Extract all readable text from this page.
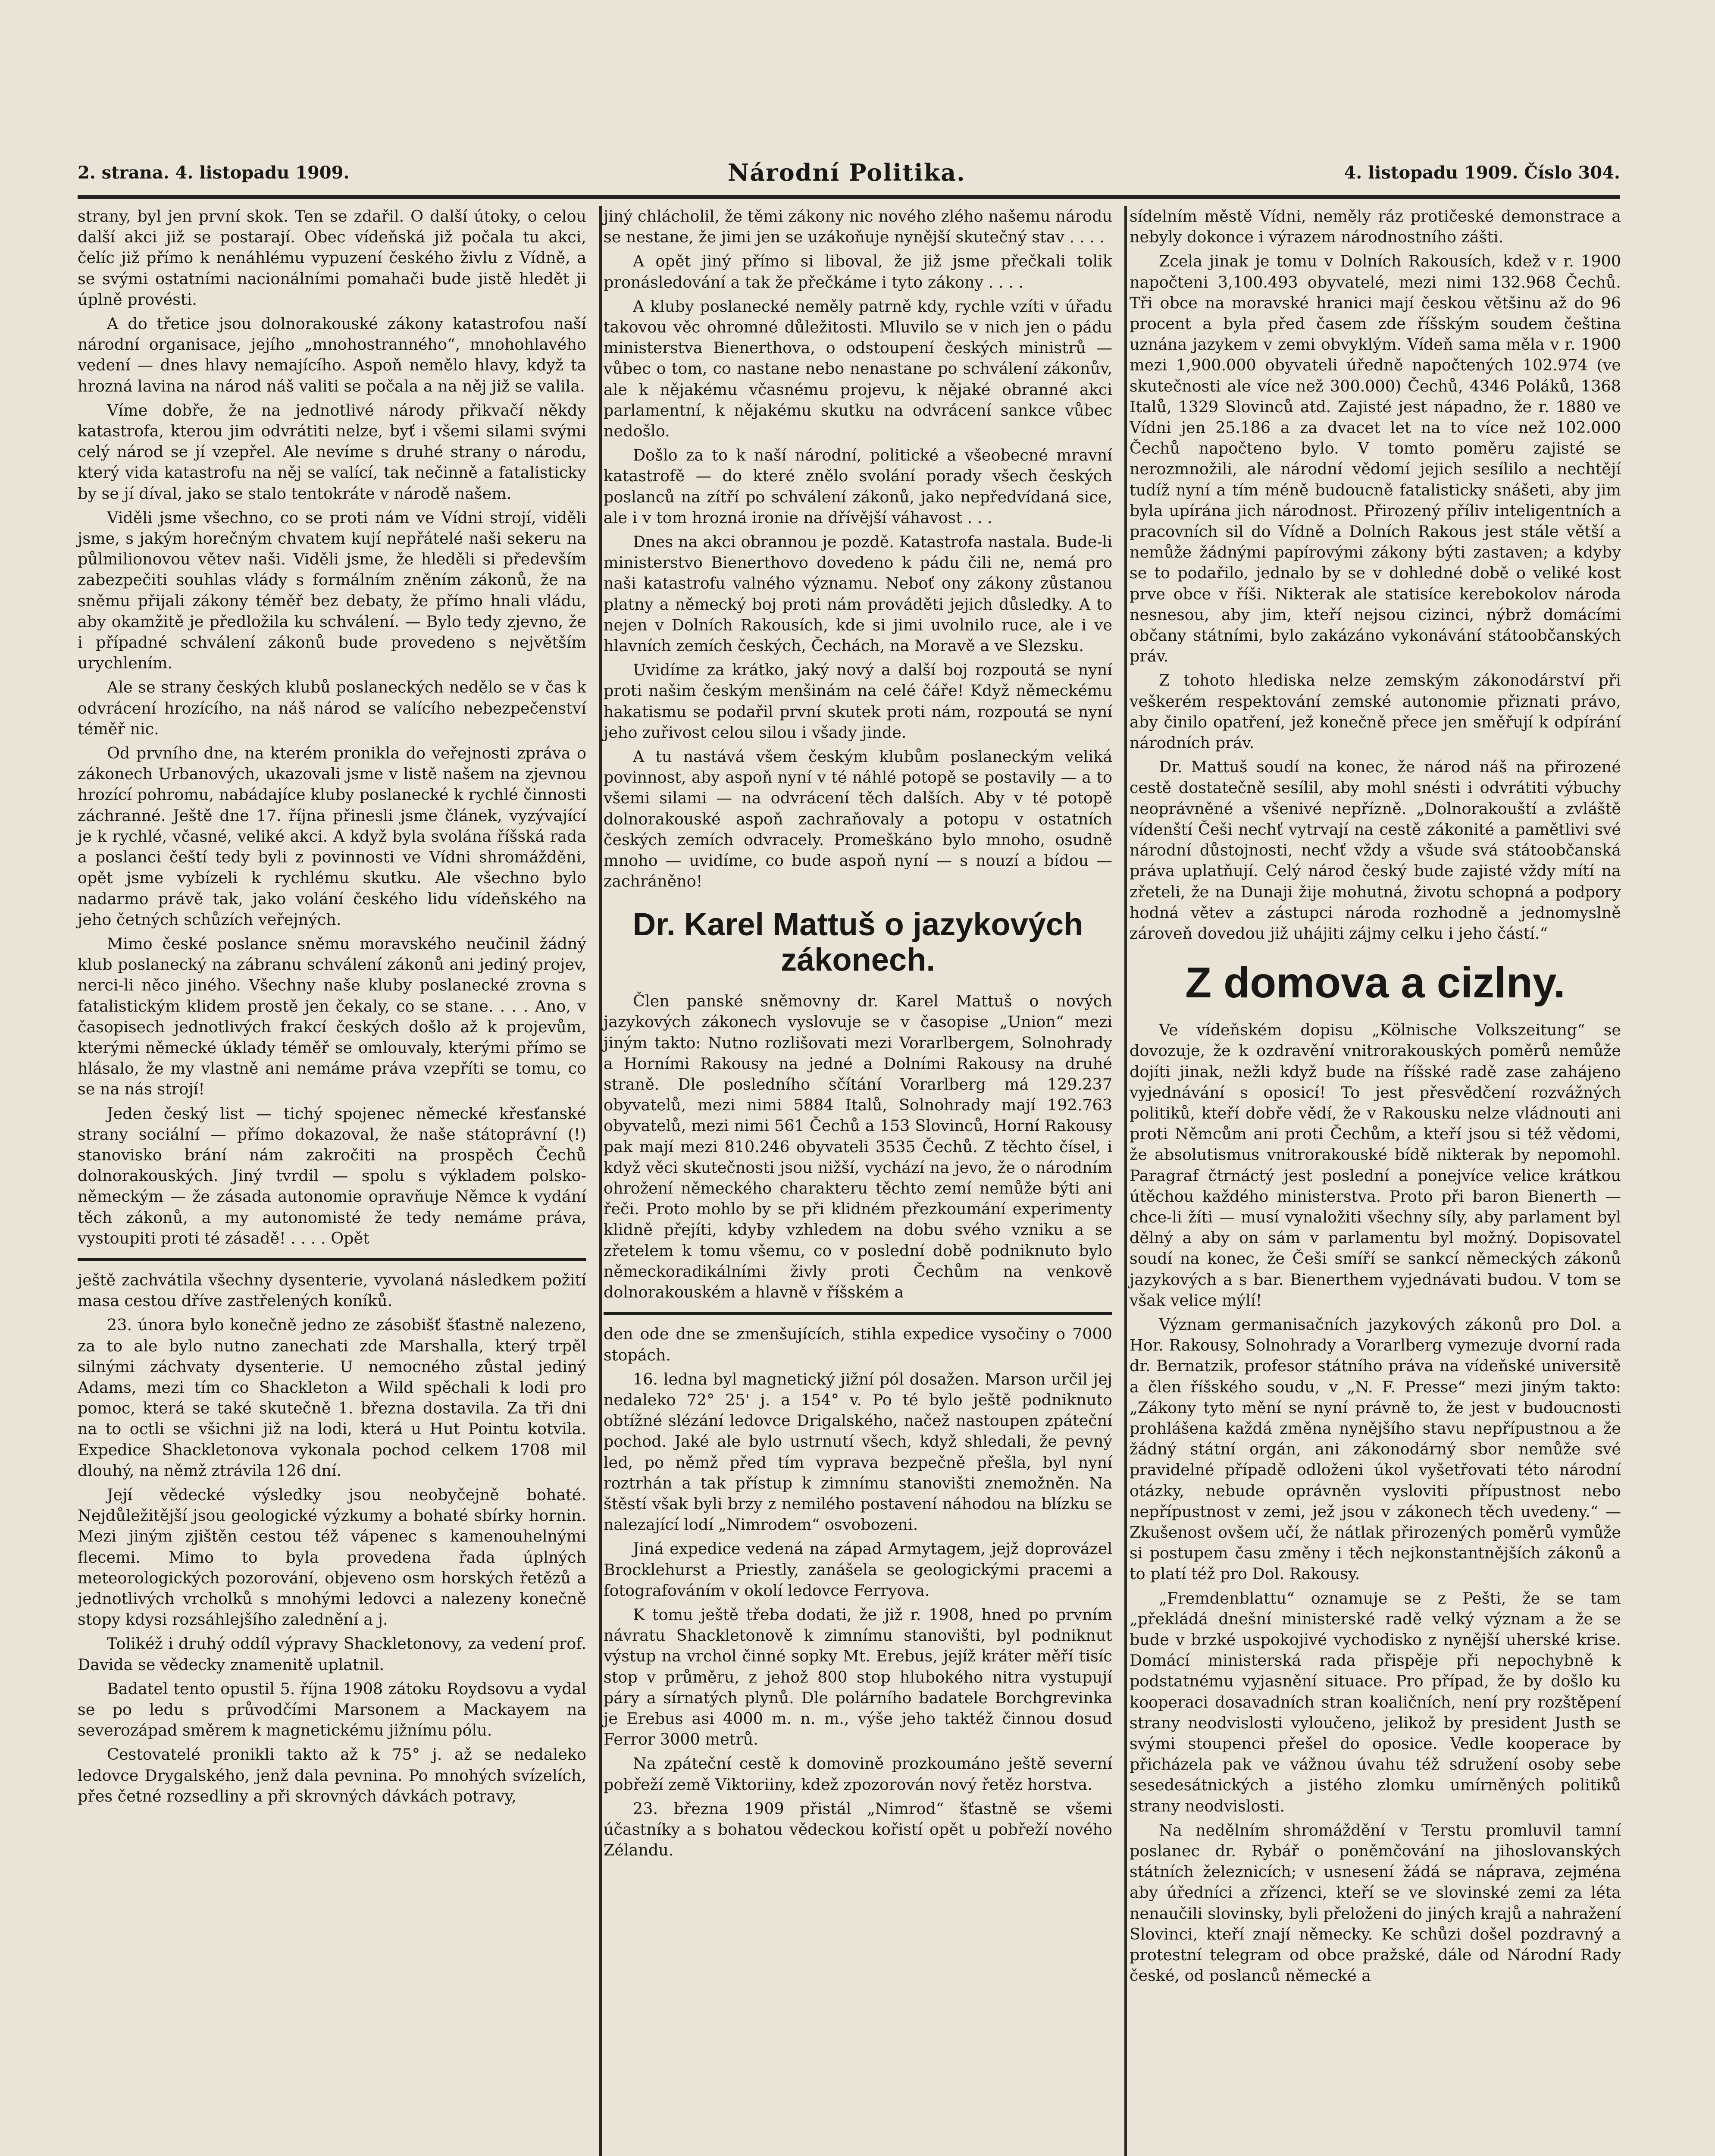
2. strana. 4. listopadu 1909.	Národní Politika.	4. listopadu 1909. Číslo 304.

strany, byl jen první skok. Ten se zdařil. O další útoky, o celou další akci již se postarají. Obec vídeňská již počala tu akci, čelíc již přímo k nenáhlému vypuzení českého živlu z Vídně, a se svými ostatními nacionálními pomahači bude jistě hledět ji úplně provésti.

A do třetice jsou dolnorakouské zákony katastrofou naší národní organisace, jejího „mnohostranného“, mnohohlavého vedení — dnes hlavy nemajícího. Aspoň nemělo hlavy, když ta hrozná lavina na národ náš valiti se počala a na něj již se valila.

Víme dobře, že na jednotlivé národy přikvačí někdy katastrofa, kterou jim odvrátiti nelze, byť i všemi silami svými celý národ se jí vzepřel. Ale nevíme s druhé strany o národu, který vida katastrofu na něj se valící, tak nečinně a fatalisticky by se jí díval, jako se stalo tentokráte v národě našem.

Viděli jsme všechno, co se proti nám ve Vídni strojí, viděli jsme, s jakým horečným chvatem kují nepřátelé naši sekeru na půlmilionovou větev naši. Viděli jsme, že hleděli si především zabezpečiti souhlas vlády s formálním zněním zákonů, že na sněmu přijali zákony téměř bez debaty, že přímo hnali vládu, aby okamžitě je předložila ku schválení. — Bylo tedy zjevno, že i případné schválení zákonů bude provedeno s největším urychlením.

Ale se strany českých klubů poslaneckých nedělo se v čas k odvrácení hrozícího, na náš národ se valícího nebezpečenství téměř nic.

Od prvního dne, na kterém pronikla do veřejnosti zpráva o zákonech Urbanových, ukazovali jsme v listě našem na zjevnou hrozící pohromu, nabádajíce kluby poslanecké k rychlé činnosti záchranné. Ještě dne 17. října přinesli jsme článek, vyzývající je k rychlé, včasné, veliké akci. A když byla svolána říšská rada a poslanci čeští tedy byli z povinnosti ve Vídni shromážděni, opět jsme vybízeli k rychlému skutku. Ale všechno bylo nadarmo právě tak, jako volání českého lidu vídeňského na jeho četných schůzích veřejných.

Mimo české poslance sněmu moravského neučinil žádný klub poslanecký na zábranu schválení zákonů ani jediný projev, nerci-li něco jiného. Všechny naše kluby poslanecké zrovna s fatalistickým klidem prostě jen čekaly, co se stane. . . . Ano, v časopisech jednotlivých frakcí českých došlo až k projevům, kterými německé úklady téměř se omlouvaly, kterými přímo se hlásalo, že my vlastně ani nemáme práva vzepříti se tomu, co se na nás strojí!

Jeden český list — tichý spojenec německé křesťanské strany sociální — přímo dokazoval, že naše státoprávní (!) stanovisko brání nám zakročiti na prospěch Čechů dolnorakouských. Jiný tvrdil — spolu s výkladem polsko-německým — že zásada autonomie opravňuje Němce k vydání těch zákonů, a my autonomisté že tedy nemáme práva, vystoupiti proti té zásadě! . . . . Opět

ještě zachvátila všechny dysenterie, vyvolaná následkem požití masa cestou dříve zastřelených koníků.

23. února bylo konečně jedno ze zásobišť šťastně nalezeno, za to ale bylo nutno zanechati zde Marshalla, který trpěl silnými záchvaty dysenterie. U nemocného zůstal jediný Adams, mezi tím co Shackleton a Wild spěchali k lodi pro pomoc, která se také skutečně 1. března dostavila. Za tři dni na to octli se všichni již na lodi, která u Hut Pointu kotvila. Expedice Shackletonova vykonala pochod celkem 1708 mil dlouhý, na němž ztrávila 126 dní.

Její vědecké výsledky jsou neobyčejně bohaté. Nejdůležitější jsou geologické výzkumy a bohaté sbírky hornin. Mezi jiným zjištěn cestou též vápenec s kamenouhelnými flecemi. Mimo to byla provedena řada úplných meteorologických pozorování, objeveno osm horských řetězů a jednotlivých vrcholků s mnohými ledovci a nalezeny konečně stopy kdysi rozsáhlejšího zalednění a j.

Tolikéž i druhý oddíl výpravy Shackletonovy, za vedení prof. Davida se vědecky znamenitě uplatnil.

Badatel tento opustil 5. října 1908 zátoku Roydsovu a vydal se po ledu s průvodčími Marsonem a Mackayem na severozápad směrem k magnetickému jižnímu pólu.

Cestovatelé pronikli takto až k 75° j. až se nedaleko ledovce Drygalského, jenž dala pevnina. Po mnohých svízelích, přes četné rozsedliny a při skrovných dávkách potravy,

jiný chlácholil, že těmi zákony nic nového zlého našemu národu se nestane, že jimi jen se uzákoňuje nynější skutečný stav . . . .

A opět jiný přímo si liboval, že již jsme přečkali tolik pronásledování a tak že přečkáme i tyto zákony . . . .

A kluby poslanecké neměly patrně kdy, rychle vzíti v úřadu takovou věc ohromné důležitosti. Mluvilo se v nich jen o pádu ministerstva Bienerthova, o odstoupení českých ministrů — vůbec o tom, co nastane nebo nenastane po schválení zákonův, ale k nějakému včasnému projevu, k nějaké obranné akci parlamentní, k nějakému skutku na odvrácení sankce vůbec nedošlo.

Došlo za to k naší národní, politické a všeobecné mravní katastrofě — do které znělo svolání porady všech českých poslanců na zítří po schválení zákonů, jako nepředvídaná sice, ale i v tom hrozná ironie na dřívější váhavost . . .

Dnes na akci obrannou je pozdě. Katastrofa nastala. Bude-li ministerstvo Bienerthovo dovedeno k pádu čili ne, nemá pro naši katastrofu valného významu. Neboť ony zákony zůstanou platny a německý boj proti nám prováděti jejich důsledky. A to nejen v Dolních Rakousích, kde si jimi uvolnilo ruce, ale i ve hlavních zemích českých, Čechách, na Moravě a ve Slezsku.

Uvidíme za krátko, jaký nový a další boj rozpoutá se nyní proti našim českým menšinám na celé čáře! Když německému hakatismu se podařil první skutek proti nám, rozpoutá se nyní jeho zuřivost celou silou i všady jinde.

A tu nastává všem českým klubům poslaneckým veliká povinnost, aby aspoň nyní v té náhlé potopě se postavily — a to všemi silami — na odvrácení těch dalších. Aby v té potopě dolnorakouské aspoň zachraňovaly a potopu v ostatních českých zemích odvracely. Promeškáno bylo mnoho, osudně mnoho — uvidíme, co bude aspoň nyní — s nouzí a bídou — zachráněno!

Dr. Karel Mattuš o jazykových zákonech.

Člen panské sněmovny dr. Karel Mattuš o nových jazykových zákonech vyslovuje se v časopise „Union“ mezi jiným takto: Nutno rozlišovati mezi Vorarlbergem, Solnohrady a Horními Rakousy na jedné a Dolními Rakousy na druhé straně. Dle posledního sčítání Vorarlberg má 129.237 obyvatelů, mezi nimi 5884 Italů, Solnohrady mají 192.763 obyvatelů, mezi nimi 561 Čechů a 153 Slovinců, Horní Rakousy pak mají mezi 810.246 obyvateli 3535 Čechů. Z těchto čísel, i když věci skutečnosti jsou nižší, vychází na jevo, že o národním ohrožení německého charakteru těchto zemí nemůže býti ani řeči. Proto mohlo by se při klidném přezkoumání experimenty klidně přejíti, kdyby vzhledem na dobu svého vzniku a se zřetelem k tomu všemu, co v poslední době podniknuto bylo německoradikálními živly proti Čechům na venkově dolnorakouském a hlavně v říšském a

den ode dne se zmenšujících, stihla expedice vysočiny o 7000 stopách.

16. ledna byl magnetický jižní pól dosažen. Marson určil jej nedaleko 72° 25' j. a 154° v. Po té bylo ještě podniknuto obtížné slézání ledovce Drigalského, načež nastoupen zpáteční pochod. Jaké ale bylo ustrnutí všech, když shledali, že pevný led, po němž před tím vyprava bezpečně přešla, byl nyní roztrhán a tak přístup k zimnímu stanovišti znemožněn. Na štěstí však byli brzy z nemilého postavení náhodou na blízku se nalezající lodí „Nimrodem“ osvobozeni.

Jiná expedice vedená na západ Armytagem, jejž doprovázel Brocklehurst a Priestly, zanášela se geologickými pracemi a fotografováním v okolí ledovce Ferryova.

K tomu ještě třeba dodati, že již r. 1908, hned po prvním návratu Shackletonově k zimnímu stanovišti, byl podniknut výstup na vrchol činné sopky Mt. Erebus, jejíž kráter měří tisíc stop v průměru, z jehož 800 stop hlubokého nitra vystupují páry a sírnatých plynů. Dle polárního badatele Borchgrevinka je Erebus asi 4000 m. n. m., výše jeho taktéž činnou dosud Ferror 3000 metrů.

Na zpáteční cestě k domovině prozkoumáno ještě severní pobřeží země Viktoriiny, kdež zpozorován nový řetěz horstva.

23. března 1909 přistál „Nimrod“ šťastně se všemi účastníky a s bohatou vědeckou kořistí opět u pobřeží nového Zélandu.

sídelním městě Vídni, neměly ráz protičeské demonstrace a nebyly dokonce i výrazem národnostního zášti.

Zcela jinak je tomu v Dolních Rakousích, kdež v r. 1900 napočteni 3,100.493 obyvatelé, mezi nimi 132.968 Čechů. Tři obce na moravské hranici mají českou většinu až do 96 procent a byla před časem zde říšským soudem čeština uznána jazykem v zemi obvyklým. Vídeň sama měla v r. 1900 mezi 1,900.000 obyvateli úředně napočtených 102.974 (ve skutečnosti ale více než 300.000) Čechů, 4346 Poláků, 1368 Italů, 1329 Slovinců atd. Zajisté jest nápadno, že r. 1880 ve Vídni jen 25.186 a za dvacet let na to více než 102.000 Čechů napočteno bylo. V tomto poměru zajisté se nerozmnožili, ale národní vědomí jejich sesílilo a nechtějí tudíž nyní a tím méně budoucně fatalisticky snášeti, aby jim byla upírána jich národnost. Přirozený příliv inteligentních a pracovních sil do Vídně a Dolních Rakous jest stále větší a nemůže žádnými papírovými zákony býti zastaven; a kdyby se to podařilo, jednalo by se v dohledné době o veliké kost prve obce v říši. Nikterak ale statisíce kerebokolov národa nesnesou, aby jim, kteří nejsou cizinci, nýbrž domácími občany státními, bylo zakázáno vykonávání státoobčanských práv.

Z tohoto hlediska nelze zemským zákonodárství při veškerém respektování zemské autonomie přiznati právo, aby činilo opatření, jež konečně přece jen směřují k odpírání národních práv.

Dr. Mattuš soudí na konec, že národ náš na přirozené cestě dostatečně sesílil, aby mohl snésti i odvrátiti výbuchy neoprávněné a všenivé nepřízně. „Dolnorakouští a zvláště vídenští Češi nechť vytrvají na cestě zákonité a pamětlivi své národní důstojnosti, nechť vždy a všude svá státoobčanská práva uplatňují. Celý národ český bude zajisté vždy mítí na zřeteli, že na Dunaji žije mohutná, životu schopná a podpory hodná větev a zástupci národa rozhodně a jednomyslně zároveň dovedou již uhájiti zájmy celku i jeho částí.“

Z domova a cizlny.

Ve vídeňském dopisu „Kölnische Volkszeitung“ se dovozuje, že k ozdravění vnitrorakouských poměrů nemůže dojíti jinak, nežli když bude na říšské radě zase zahájeno vyjednávání s oposicí! To jest přesvědčení rozvážných politiků, kteří dobře vědí, že v Rakousku nelze vládnouti ani proti Němcům ani proti Čechům, a kteří jsou si též vědomi, že absolutismus vnitrorakouské bídě nikterak by nepomohl. Paragraf čtrnáctý jest poslední a ponejvíce velice krátkou útěchou každého ministerstva. Proto při baron Bienerth — chce-li žíti — musí vynaložiti všechny síly, aby parlament byl dělný a aby on sám v parlamentu byl možný. Dopisovatel soudí na konec, že Češi smíří se sankcí německých zákonů jazykových a s bar. Bienerthem vyjednávati budou. V tom se však velice mýlí!

Význam germanisačních jazykových zákonů pro Dol. a Hor. Rakousy, Solnohrady a Vorarlberg vymezuje dvorní rada dr. Bernatzik, profesor státního práva na vídeňské universitě a člen říšského soudu, v „N. F. Presse“ mezi jiným takto: „Zákony tyto mění se nyní právně to, že jest v budoucnosti prohlášena každá změna nynějšího stavu nepřípustnou a že žádný státní orgán, ani zákonodárný sbor nemůže své pravidelné případě odloženi úkol vyšetřovati této národní otázky, nebude oprávněn vysloviti přípustnost nebo nepřípustnost v zemi, jež jsou v zákonech těch uvedeny.“ — Zkušenost ovšem učí, že nátlak přirozených poměrů vymůže si postupem času změny i těch nejkonstantnějších zákonů a to platí též pro Dol. Rakousy.

„Fremdenblattu“ oznamuje se z Pešti, že se tam „překládá dnešní ministerské radě velký význam a že se bude v brzké uspokojivé vychodisko z nynější uherské krise. Domácí ministerská rada přispěje při nepochybně k podstatnému vyjasnění situace. Pro případ, že by došlo ku kooperaci dosavadních stran koaličních, není pry rozštěpení strany neodvislosti vyloučeno, jelikož by president Justh se svými stoupenci přešel do oposice. Vedle kooperace by přicházela pak ve vážnou úvahu též sdružení osoby sebe sesedesátnických a jistého zlomku umírněných politiků strany neodvislosti.

Na nedělním shromáždění v Terstu promluvil tamní poslanec dr. Rybář o poněmčování na jihoslovanských státních železnicích; v usnesení žádá se náprava, zejména aby úředníci a zřízenci, kteří se ve slovinské zemi za léta nenaučili slovinsky, byli přeloženi do jiných krajů a nahražení Slovinci, kteří znají německy. Ke schůzi došel pozdravný a protestní telegram od obce pražské, dále od Národní Rady české, od poslanců německé a
